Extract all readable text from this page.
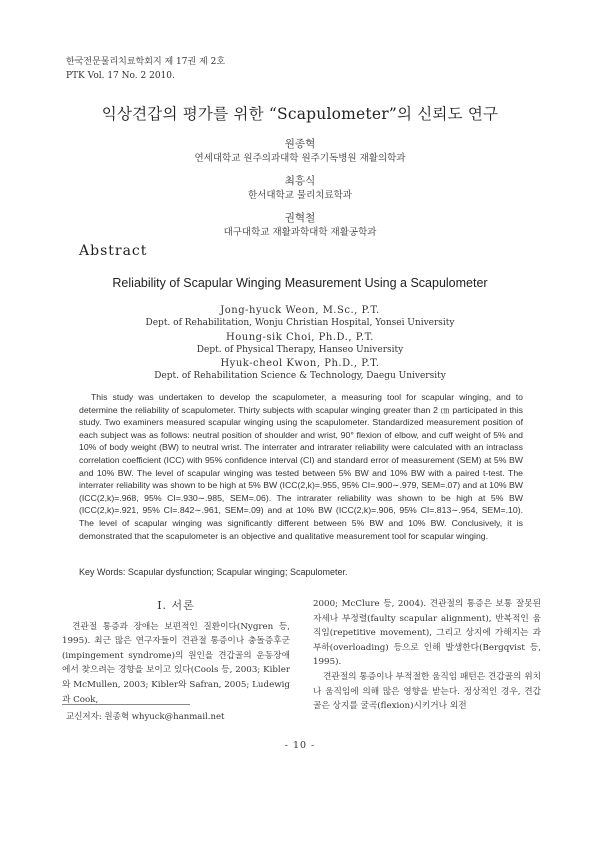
한국전문물리치료학회지 제 17권 제 2호
PTK Vol. 17 No. 2 2010.
익상견갑의 평가를 위한 “Scapulometer”의 신뢰도 연구
원종혁
연세대학교 원주의과대학 원주기독병원 재활의학과
최흥식
한서대학교 물리치료학과
권혁철
대구대학교 재활과학대학 재활공학과
Abstract
Reliability of Scapular Winging Measurement Using a Scapulometer
Jong-hyuck Weon, M.Sc., P.T.
Dept. of Rehabilitation, Wonju Christian Hospital, Yonsei University
Houng-sik Choi, Ph.D., P.T.
Dept. of Physical Therapy, Hanseo University
Hyuk-cheol Kwon, Ph.D., P.T.
Dept. of Rehabilitation Science & Technology, Daegu University
This study was undertaken to develop the scapulometer, a measuring tool for scapular winging, and to determine the reliability of scapulometer. Thirty subjects with scapular winging greater than 2 ㎝ participated in this study. Two examiners measured scapular winging using the scapulometer. Standardized measurement position of each subject was as follows: neutral position of shoulder and wrist, 90° flexion of elbow, and cuff weight of 5% and 10% of body weight (BW) to neutral wrist. The interrater and intrarater reliability were calculated with an intraclass correlation coefficient (ICC) with 95% confidence interval (CI) and standard error of measurement (SEM) at 5% BW and 10% BW. The level of scapular winging was tested between 5% BW and 10% BW with a paired t-test. The interrater reliability was shown to be high at 5% BW (ICC(2,k)=.955, 95% CI=.900∼.979, SEM=.07) and at 10% BW (ICC(2,k)=.968, 95% CI=.930∼.985, SEM=.06). The intrarater reliability was shown to be high at 5% BW (ICC(2,k)=.921, 95% CI=.842∼.961, SEM=.09) and at 10% BW (ICC(2,k)=.906, 95% CI=.813∼.954, SEM=.10). The level of scapular winging was significantly different between 5% BW and 10% BW. Conclusively, it is demonstrated that the scapulometer is an objective and qualitative measurement tool for scapular winging.
Key Words: Scapular dysfunction; Scapular winging; Scapulometer.
Ⅰ. 서론

견관절 통증과 장애는 보편적인 질환이다(Nygren 등, 1995). 최근 많은 연구자들이 견관절 통증이나 충돌증후군(impingement syndrome)의 원인을 견갑골의 운동장애에서 찾으려는 경향을 보이고 있다(Cools 등, 2003; Kibler와 McMullen, 2003; Kibler와 Safran, 2005; Ludewig과 Cook,

2000; McClure 등, 2004). 견관절의 통증은 보통 잘못된 자세나 부정렬(faulty scapular alignment), 반복적인 움직임(repetitive movement), 그리고 상지에 가해지는 과부하(overloading) 등으로 인해 발생한다(Bergqvist 등, 1995).

견관절의 통증이나 부적절한 움직임 패턴은 견갑골의 위치나 움직임에 의해 많은 영향을 받는다. 정상적인 경우, 견갑골은 상지를 굴곡(flexion)시키거나 외전

교신저자: 원종혁 whyuck@hanmail.net
- 10 -
